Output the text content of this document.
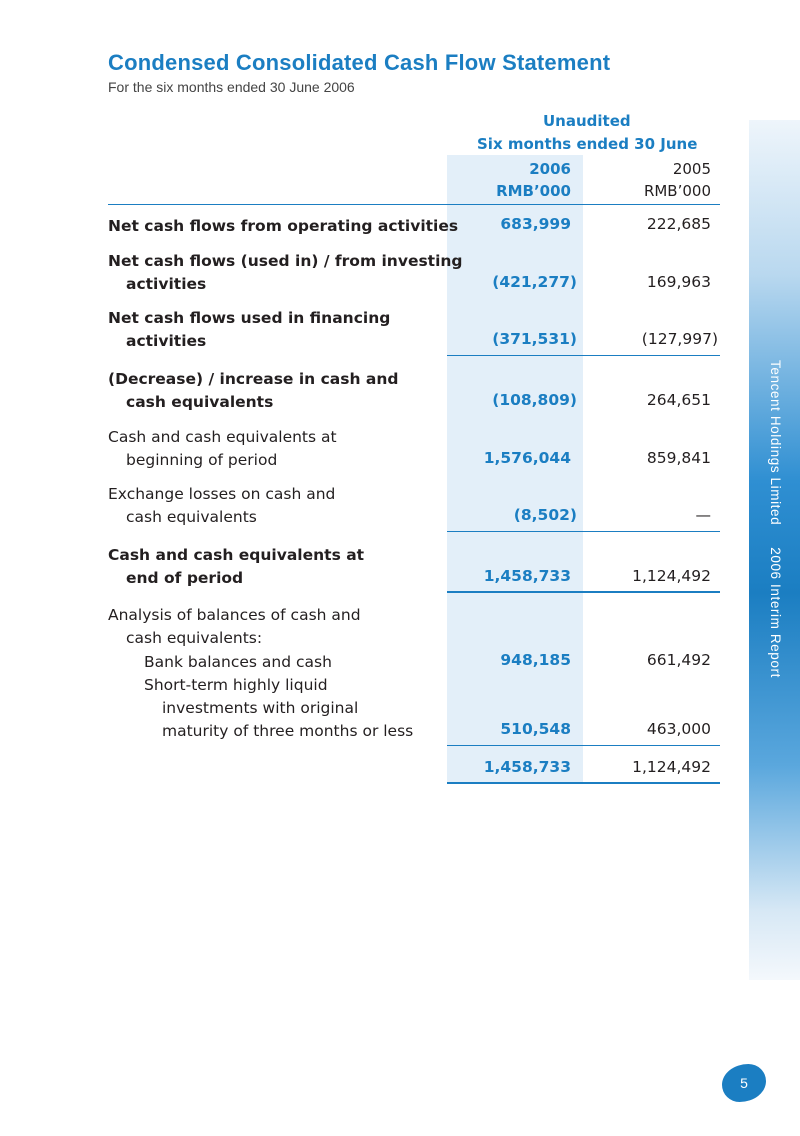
Condensed Consolidated Cash Flow Statement
For the six months ended 30 June 2006
Unaudited
Six months ended 30 June
2006	2005
RMB’000	RMB’000
Net cash flows from operating activities	683,999	222,685
Net cash flows (used in) / from investing
activities	(421,277)	169,963
Net cash flows used in financing
activities	(371,531)	(127,997)
(Decrease) / increase in cash and
cash equivalents	(108,809)	264,651
Cash and cash equivalents at
beginning of period	1,576,044	859,841
Exchange losses on cash and
cash equivalents	(8,502)	—
Cash and cash equivalents at
end of period	1,458,733	1,124,492
Analysis of balances of cash and
cash equivalents:
Bank balances and cash	948,185	661,492
Short-term highly liquid
investments with original
maturity of three months or less	510,548	463,000
1,458,733	1,124,492
Tencent Holdings Limited2006 Interim Report
5
